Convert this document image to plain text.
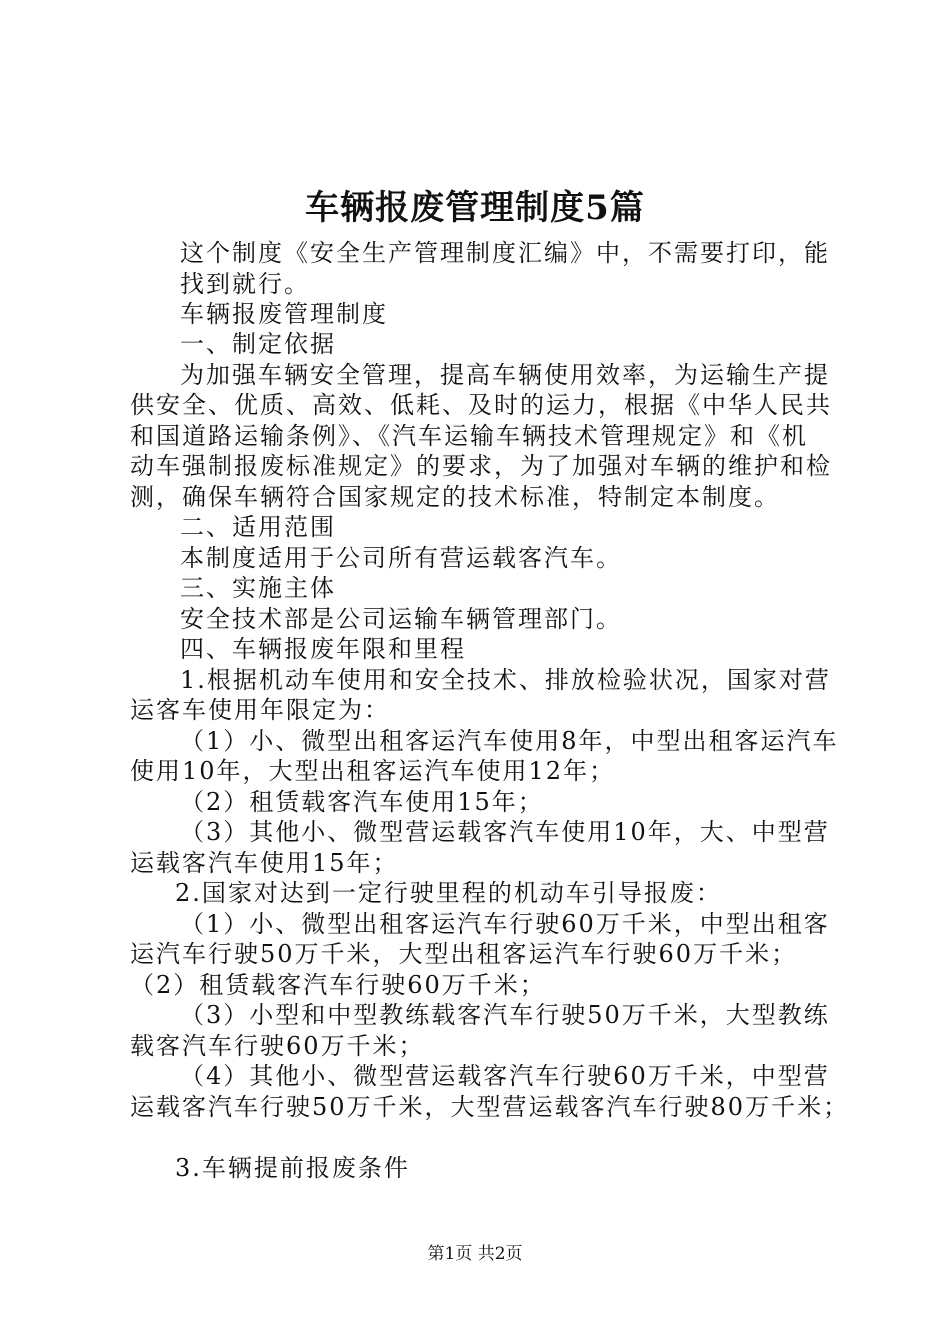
车辆报废管理制度5篇
这个制度《安全生产管理制度汇编》中，不需要打印，能
找到就行。
车辆报废管理制度
一、制定依据
为加强车辆安全管理，提高车辆使用效率，为运输生产提
供安全、优质、高效、低耗、及时的运力，根据《中华人民共
和国道路运输条例》、《汽车运输车辆技术管理规定》和《机
动车强制报废标准规定》的要求，为了加强对车辆的维护和检
测，确保车辆符合国家规定的技术标准，特制定本制度。
二、适用范围
本制度适用于公司所有营运载客汽车。
三、实施主体
安全技术部是公司运输车辆管理部门。
四、车辆报废年限和里程
1.根据机动车使用和安全技术、排放检验状况，国家对营
运客车使用年限定为：
（1）小、微型出租客运汽车使用8年，中型出租客运汽车
使用10年，大型出租客运汽车使用12年；
（2）租赁载客汽车使用15年；
（3）其他小、微型营运载客汽车使用10年，大、中型营
运载客汽车使用15年；
2.国家对达到一定行驶里程的机动车引导报废：
（1）小、微型出租客运汽车行驶60万千米，中型出租客
运汽车行驶50万千米，大型出租客运汽车行驶60万千米；
（2）租赁载客汽车行驶60万千米；
（3）小型和中型教练载客汽车行驶50万千米，大型教练
载客汽车行驶60万千米；
（4）其他小、微型营运载客汽车行驶60万千米，中型营
运载客汽车行驶50万千米，大型营运载客汽车行驶80万千米；
3.车辆提前报废条件
第1页 共2页
